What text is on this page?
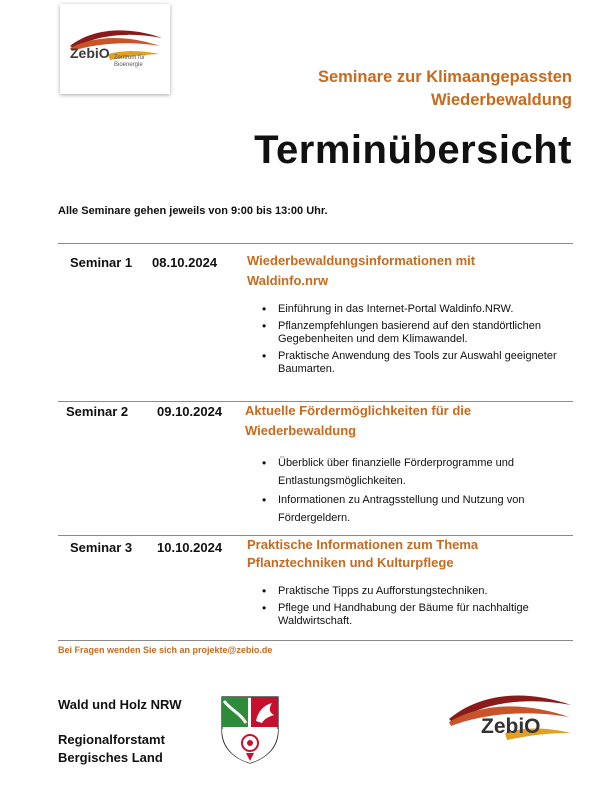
ZebiO Zentrum für Bioenergie
Seminare zur Klimaangepassten
Wiederbewaldung
Terminübersicht
Alle Seminare gehen jeweils von 9:00 bis 13:00 Uhr.
Seminar 1 08.10.2024 Wiederbewaldungsinformationen mit
Waldinfo.nrw
• Einführung in das Internet-Portal Waldinfo.NRW.
• Pflanzempfehlungen basierend auf den standörtlichen Gegebenheiten und dem Klimawandel.
• Praktische Anwendung des Tools zur Auswahl geeigneter Baumarten.
Seminar 2 09.10.2024 Aktuelle Fördermöglichkeiten für die
Wiederbewaldung
• Überblick über finanzielle Förderprogramme und Entlastungsmöglichkeiten.
• Informationen zu Antragsstellung und Nutzung von Fördergeldern.
Seminar 3 10.10.2024 Praktische Informationen zum Thema
Pflanztechniken und Kulturpflege
• Praktische Tipps zu Aufforstungstechniken.
• Pflege und Handhabung der Bäume für nachhaltige Waldwirtschaft.
Bei Fragen wenden Sie sich an projekte@zebio.de
Wald und Holz NRW
Regionalforstamt
Bergisches Land
ZebiO
